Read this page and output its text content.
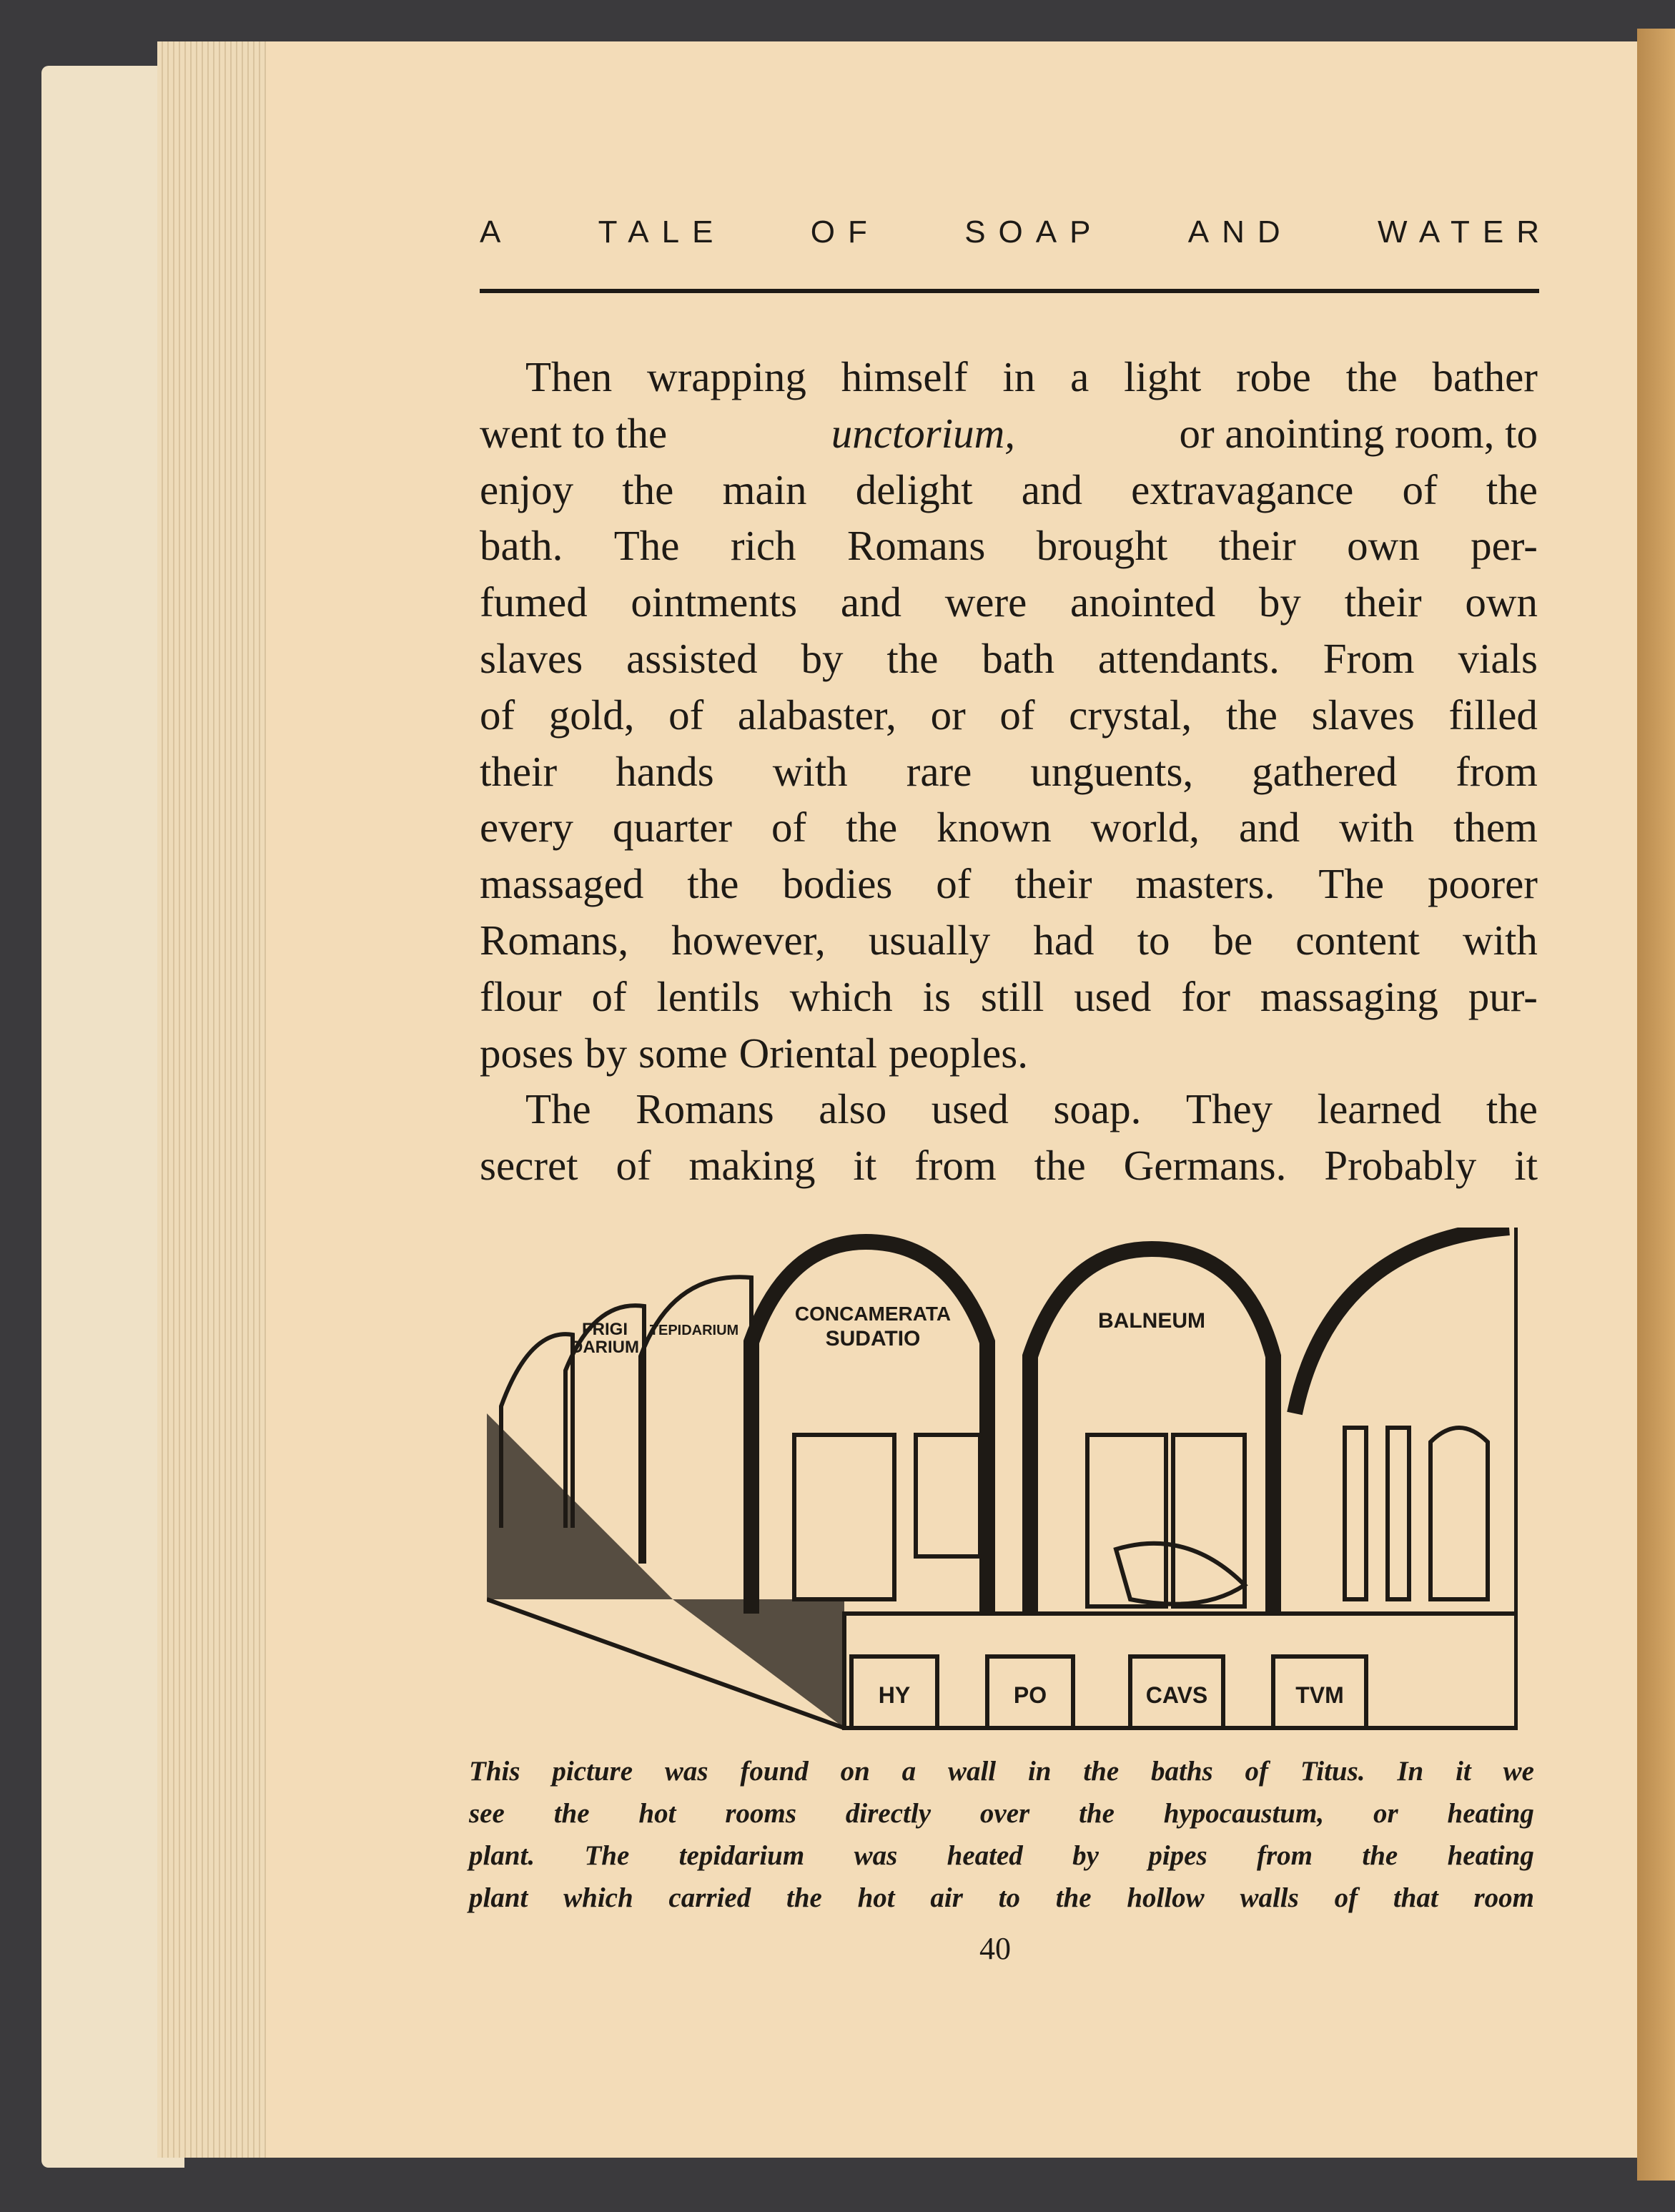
A	TALE	OF	SOAP	AND	WATER
Then wrapping himself in a light robe the bather
went to the	unctorium,	or anointing room, to
enjoy the main delight and extravagance of the
bath. The rich Romans brought their own per-
fumed ointments and were anointed by their own
slaves assisted by the bath attendants. From vials
of gold, of alabaster, or of crystal, the slaves filled
their hands with rare unguents, gathered from
every quarter of the known world, and with them
massaged the bodies of their masters. The poorer
Romans, however, usually had to be content with
flour of lentils which is still used for massaging pur-
poses by some Oriental peoples.
The Romans also used soap. They learned the
secret of making it from the Germans. Probably it
FRIGI
DARIUM
TEPIDARIUM
CONCAMERATA
SUDATIO
BALNEUM
HY	PO	CAVS	TVM
This picture was found on a wall in the baths of Titus. In it we
see the hot rooms directly over the hypocaustum, or heating
plant. The tepidarium was heated by pipes from the heating
plant which carried the hot air to the hollow walls of that room
40
